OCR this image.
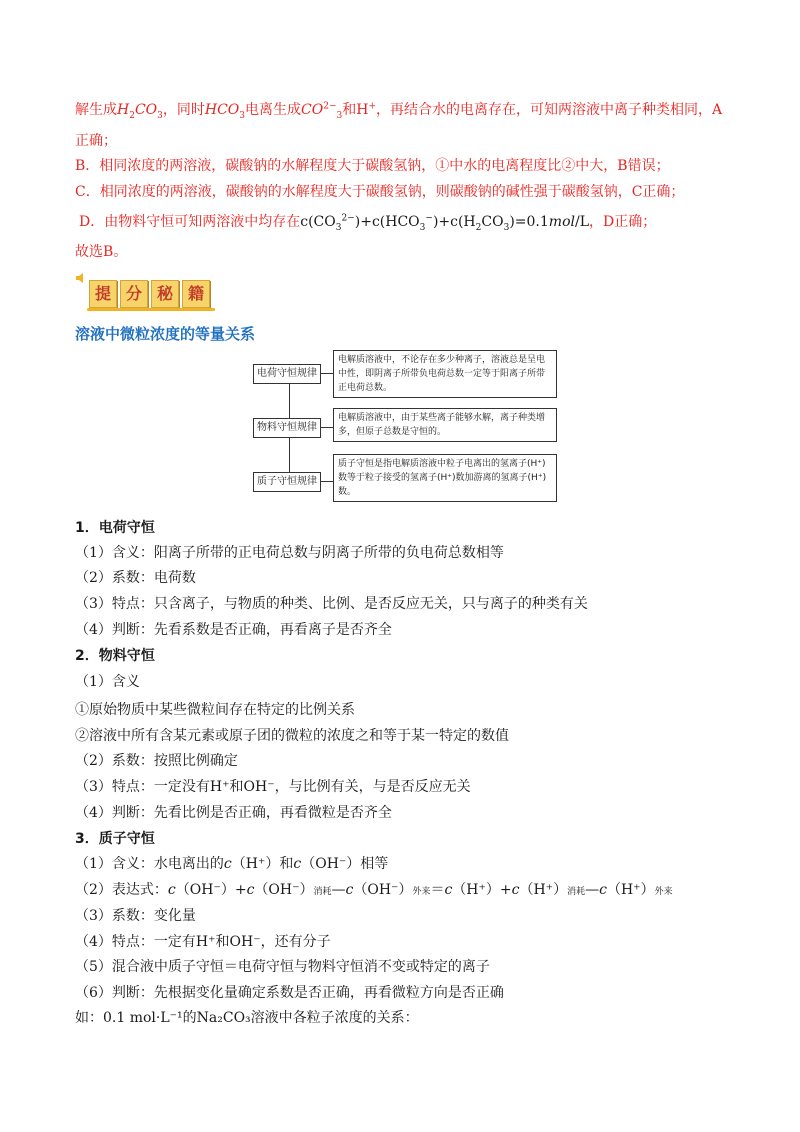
解生成$H_2CO_3$，同时$HCO_3$电离生成$CO^{2-}_3$和H+，再结合水的电离存在，可知两溶液中离子种类相同，A
正确；
B．相同浓度的两溶液，碳酸钠的水解程度大于碳酸氢钠，①中水的电离程度比②中大，B错误；
C．相同浓度的两溶液，碳酸钠的水解程度大于碳酸氢钠，则碳酸钠的碱性强于碳酸氢钠，C正确；
D．由物料守恒可知两溶液中均存在$c(CO_3^{2-})+c(HCO_3^-)+c(H_2CO_3)=0.1mol/L$，D正确；
故选B。
提 分 秘 籍
溶液中微粒浓度的等量关系
电荷守恒规律
电解质溶液中，不论存在多少种离子，溶液总是呈电中性，即阴离子所带负电荷总数一定等于阳离子所带正电荷总数。
物料守恒规律
电解质溶液中，由于某些离子能够水解，离子种类增多，但原子总数是守恒的。
质子守恒规律
质子守恒是指电解质溶液中粒子电离出的氢离子(H⁺)数等于粒子接受的氢离子(H⁺)数加游离的氢离子(H⁺)数。
1．电荷守恒
（1）含义：阳离子所带的正电荷总数与阴离子所带的负电荷总数相等
（2）系数：电荷数
（3）特点：只含离子，与物质的种类、比例、是否反应无关，只与离子的种类有关
（4）判断：先看系数是否正确，再看离子是否齐全
2．物料守恒
（1）含义
①原始物质中某些微粒间存在特定的比例关系
②溶液中所有含某元素或原子团的微粒的浓度之和等于某一特定的数值
（2）系数：按照比例确定
（3）特点：一定没有H⁺和OH⁻，与比例有关，与是否反应无关
（4）判断：先看比例是否正确，再看微粒是否齐全
3．质子守恒
（1）含义：水电离出的c（H⁺）和c（OH⁻）相等
（2）表达式：c（OH⁻）+c（OH⁻）消耗—c（OH⁻）外来＝c（H⁺）+c（H⁺）消耗—c（H⁺）外来
（3）系数：变化量
（4）特点：一定有H⁺和OH⁻，还有分子
（5）混合液中质子守恒＝电荷守恒与物料守恒消不变或特定的离子
（6）判断：先根据变化量确定系数是否正确，再看微粒方向是否正确
如：0.1 mol·L⁻¹的Na₂CO₃溶液中各粒子浓度的关系：
